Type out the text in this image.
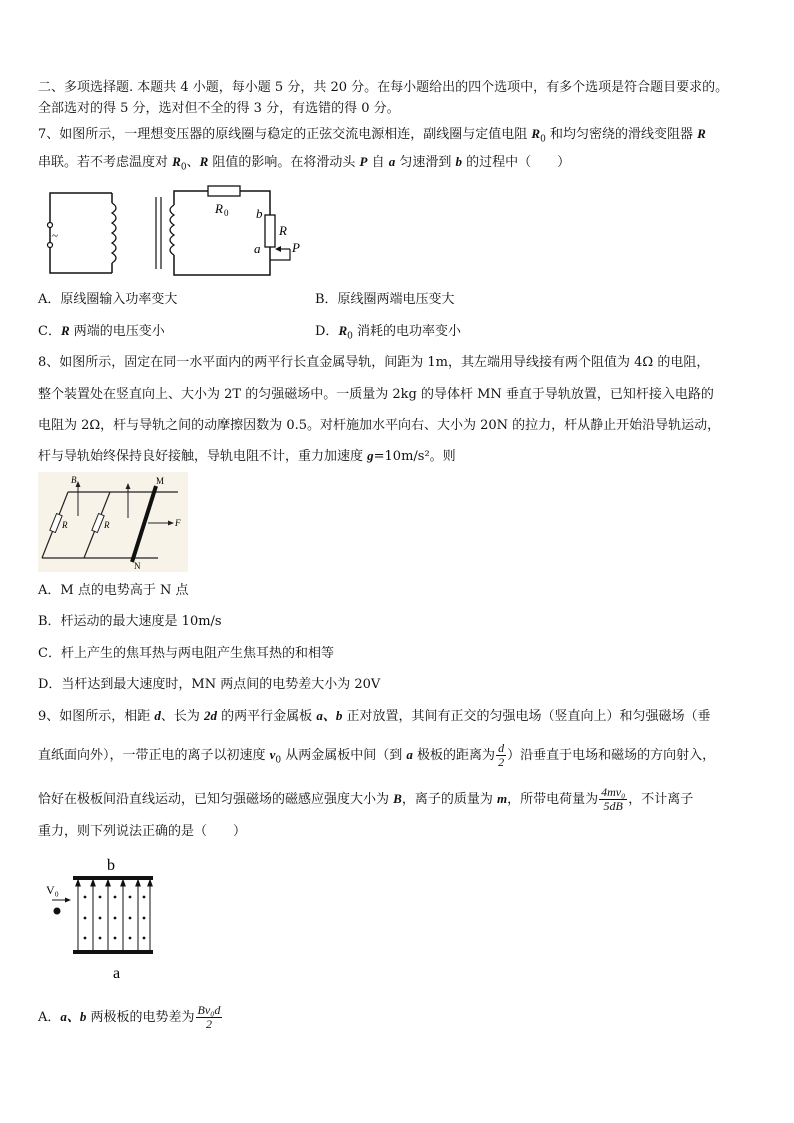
二、多项选择题. 本题共 4 小题，每小题 5 分，共 20 分。在每小题给出的四个选项中，有多个选项是符合题目要求的。
全部选对的得 5 分，选对但不全的得 3 分，有选错的得 0 分。
7、如图所示，一理想变压器的原线圈与稳定的正弦交流电源相连，副线圈与定值电阻 $R_0$ 和均匀密绕的滑线变阻器 R
串联。若不考虑温度对 $R_0$、R 阻值的影响。在将滑动头 P 自 a 匀速滑到 b 的过程中（　　）
~
R 0 b
R
a P
A．原线圈输入功率变大	B．原线圈两端电压变大
C．R 两端的电压变小	D．$R_0$ 消耗的电功率变小
8、如图所示，固定在同一水平面内的两平行长直金属导轨，间距为 1m，其左端用导线接有两个阻值为 4Ω 的电阻，
整个装置处在竖直向上、大小为 2T 的匀强磁场中。一质量为 2kg 的导体杆 MN 垂直于导轨放置，已知杆接入电路的
电阻为 2Ω，杆与导轨之间的动摩擦因数为 0.5。对杆施加水平向右、大小为 20N 的拉力，杆从静止开始沿导轨运动，
杆与导轨始终保持良好接触，导轨电阻不计，重力加速度 g=10m/s²。则
R	R
B	M
N
F
A．M 点的电势高于 N 点
B．杆运动的最大速度是 10m/s
C．杆上产生的焦耳热与两电阻产生焦耳热的和相等
D．当杆达到最大速度时，MN 两点间的电势差大小为 20V
9、如图所示，相距 d、长为 2d 的两平行金属板 a、b 正对放置，其间有正交的匀强电场（竖直向上）和匀强磁场（垂
直纸面向外），一带正电的离子以初速度 $v_0$ 从两金属板中间（到 a 极板的距离为 $\frac{d}{2}$ ）沿垂直于电场和磁场的方向射入，
恰好在极板间沿直线运动，已知匀强磁场的磁感应强度大小为 B，离子的质量为 m，所带电荷量为 $\frac{\text{4mv₀}}{5dB}$ ，不计离子
重力，则下列说法正确的是（　　）
b
a
V₀
A．a、b 两极板的电势差为 $\frac{\text{Bv₀d}}{2}$
